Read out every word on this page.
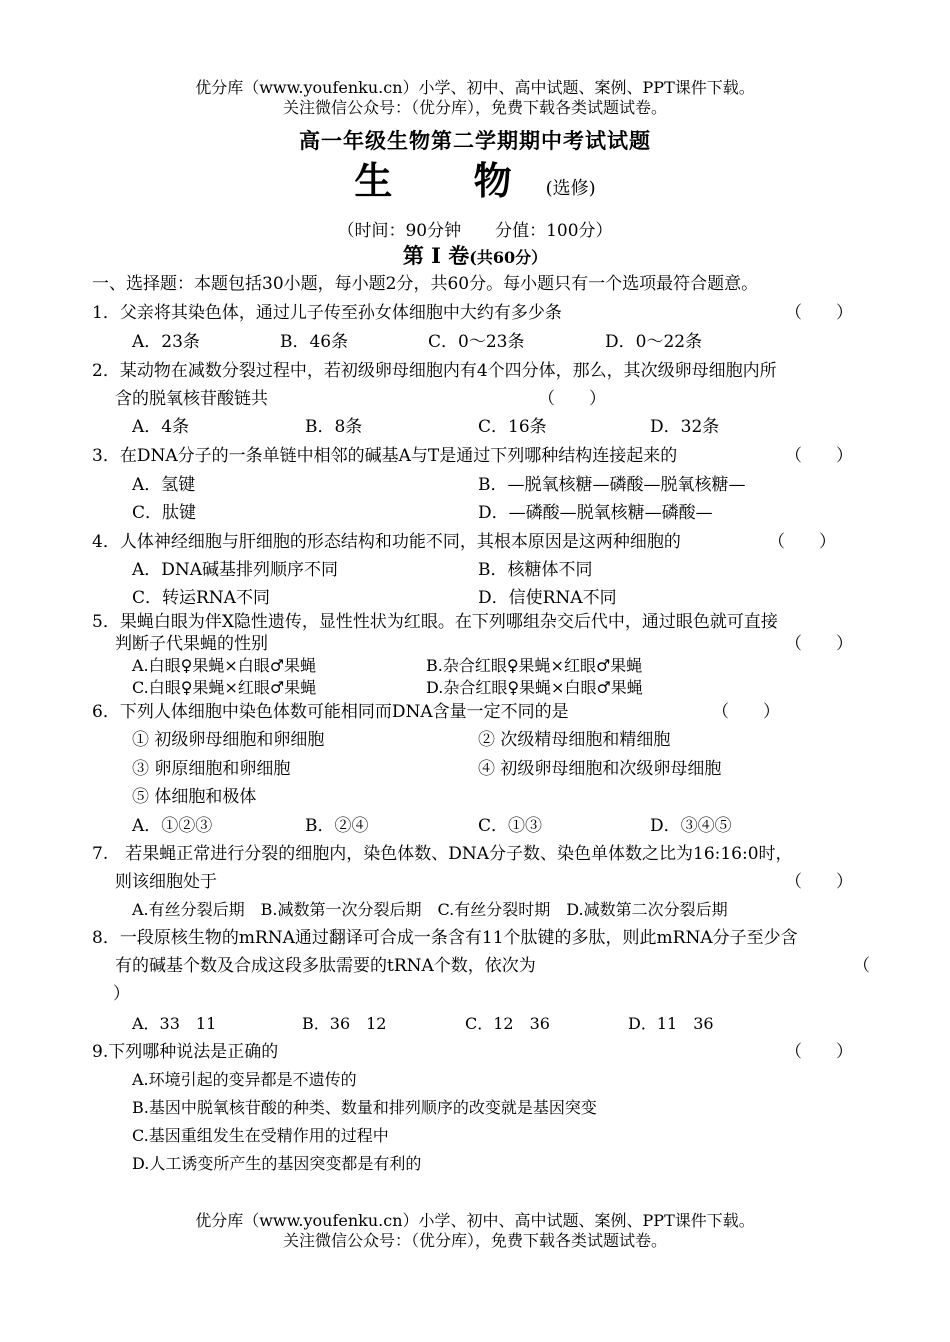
优分库（www.youfenku.cn）小学、初中、高中试题、案例、PPT课件下载。
关注微信公众号：（优分库），免费下载各类试题试卷。
高一年级生物第二学期期中考试试题
生 物(选修)
（时间：90分钟　　分值：100分）
第 Ⅰ 卷(共60分）
一、选择题：本题包括30小题，每小题2分，共60分。每小题只有一个选项最符合题意。
1．父亲将其染色体，通过儿子传至孙女体细胞中大约有多少条	（　　）
A．23条	B．46条	C．0～23条	D．0～22条
2．某动物在减数分裂过程中，若初级卵母细胞内有4个四分体，那么，其次级卵母细胞内所
含的脱氧核苷酸链共	（　　）
A．4条	B．8条	C．16条	D．32条
3．在DNA分子的一条单链中相邻的碱基A与T是通过下列哪种结构连接起来的	（　　）
A．氢键	B．—脱氧核糖—磷酸—脱氧核糖—
C．肽键	D．—磷酸—脱氧核糖—磷酸—
4．人体神经细胞与肝细胞的形态结构和功能不同，其根本原因是这两种细胞的	（　　）
A．DNA碱基排列顺序不同	B．核糖体不同
C．转运RNA不同	D．信使RNA不同
5．果蝇白眼为伴X隐性遗传，显性性状为红眼。在下列哪组杂交后代中，通过眼色就可直接
判断子代果蝇的性别	（　　）
A.白眼♀果蝇×白眼♂果蝇	B.杂合红眼♀果蝇×红眼♂果蝇
C.白眼♀果蝇×红眼♂果蝇	D.杂合红眼♀果蝇×白眼♂果蝇
6．下列人体细胞中染色体数可能相同而DNA含量一定不同的是	（　　）
① 初级卵母细胞和卵细胞	② 次级精母细胞和精细胞
③ 卵原细胞和卵细胞	④ 初级卵母细胞和次级卵母细胞
⑤ 体细胞和极体
A．①②③	B．②④	C．①③	D．③④⑤
7.　若果蝇正常进行分裂的细胞内，染色体数、DNA分子数、染色单体数之比为16:16:0时，
则该细胞处于	（　　）
A.有丝分裂后期　B.减数第一次分裂后期　C.有丝分裂时期　D.减数第二次分裂后期
8．一段原核生物的mRNA通过翻译可合成一条含有11个肽键的多肽，则此mRNA分子至少含
有的碱基个数及合成这段多肽需要的tRNA个数，依次为	（
）
A．33　11	B．36　12	C．12　36	D．11　36
9.下列哪种说法是正确的	（　　）
A.环境引起的变异都是不遗传的
B.基因中脱氧核苷酸的种类、数量和排列顺序的改变就是基因突变
C.基因重组发生在受精作用的过程中
D.人工诱变所产生的基因突变都是有利的
优分库（www.youfenku.cn）小学、初中、高中试题、案例、PPT课件下载。
关注微信公众号：（优分库），免费下载各类试题试卷。
